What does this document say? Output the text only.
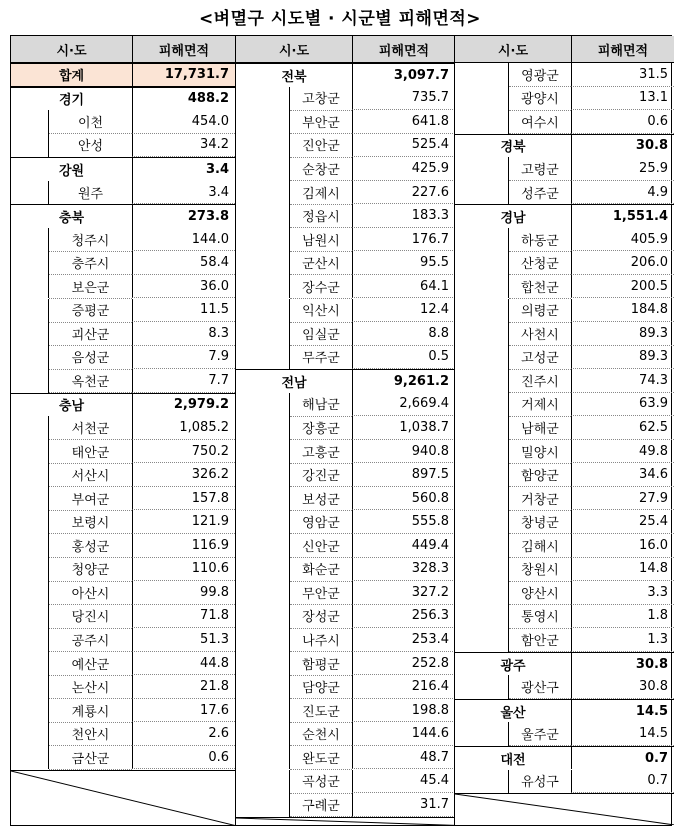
<벼멸구 시도별 · 시군별 피해면적>
시·도	피해면적
합계	17,731.7
경기	488.2
이천	454.0
안성	34.2
강원	3.4
원주	3.4
충북	273.8
청주시	144.0
충주시	58.4
보은군	36.0
증평군	11.5
괴산군	8.3
음성군	7.9
옥천군	7.7
충남	2,979.2
서천군	1,085.2
태안군	750.2
서산시	326.2
부여군	157.8
보령시	121.9
홍성군	116.9
청양군	110.6
아산시	99.8
당진시	71.8
공주시	51.3
예산군	44.8
논산시	21.8
계룡시	17.6
천안시	2.6
금산군	0.6
시·도	피해면적
전북	3,097.7
고창군	735.7
부안군	641.8
진안군	525.4
순창군	425.9
김제시	227.6
정읍시	183.3
남원시	176.7
군산시	95.5
장수군	64.1
익산시	12.4
임실군	8.8
무주군	0.5
전남	9,261.2
해남군	2,669.4
장흥군	1,038.7
고흥군	940.8
강진군	897.5
보성군	560.8
영암군	555.8
신안군	449.4
화순군	328.3
무안군	327.2
장성군	256.3
나주시	253.4
함평군	252.8
담양군	216.4
진도군	198.8
순천시	144.6
완도군	48.7
곡성군	45.4
구례군	31.7
시·도	피해면적
영광군	31.5
광양시	13.1
여수시	0.6
경북	30.8
고령군	25.9
성주군	4.9
경남	1,551.4
하동군	405.9
산청군	206.0
합천군	200.5
의령군	184.8
사천시	89.3
고성군	89.3
진주시	74.3
거제시	63.9
남해군	62.5
밀양시	49.8
함양군	34.6
거창군	27.9
창녕군	25.4
김해시	16.0
창원시	14.8
양산시	3.3
통영시	1.8
함안군	1.3
광주	30.8
광산구	30.8
울산	14.5
울주군	14.5
대전	0.7
유성구	0.7
